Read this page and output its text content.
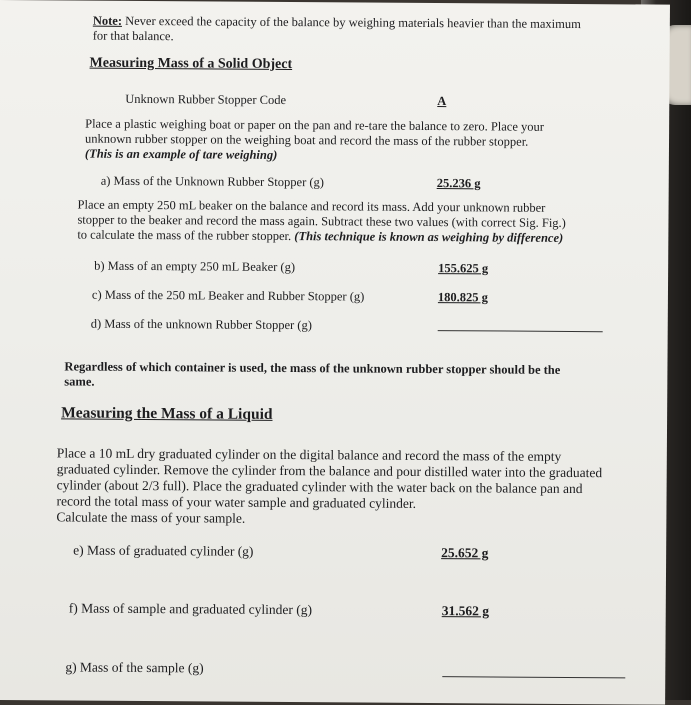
Note: Never exceed the capacity of the balance by weighing materials heavier than the maximum
for that balance.
Measuring Mass of a Solid Object
Unknown Rubber Stopper Code	A
Place a plastic weighing boat or paper on the pan and re-tare the balance to zero. Place your
unknown rubber stopper on the weighing boat and record the mass of the rubber stopper.
(This is an example of tare weighing)
a) Mass of the Unknown Rubber Stopper (g)	25.236 g
Place an empty 250 mL beaker on the balance and record its mass. Add your unknown rubber
stopper to the beaker and record the mass again. Subtract these two values (with correct Sig. Fig.)
to calculate the mass of the rubber stopper. (This technique is known as weighing by difference)
b) Mass of an empty 250 mL Beaker (g)	155.625 g
c) Mass of the 250 mL Beaker and Rubber Stopper (g)	180.825 g
d) Mass of the unknown Rubber Stopper (g)
Regardless of which container is used, the mass of the unknown rubber stopper should be the
same.
Measuring the Mass of a Liquid
Place a 10 mL dry graduated cylinder on the digital balance and record the mass of the empty
graduated cylinder. Remove the cylinder from the balance and pour distilled water into the graduated
cylinder (about 2/3 full). Place the graduated cylinder with the water back on the balance pan and
record the total mass of your water sample and graduated cylinder.
Calculate the mass of your sample.
e) Mass of graduated cylinder (g)	25.652 g
f) Mass of sample and graduated cylinder (g)	31.562 g
g) Mass of the sample (g)
